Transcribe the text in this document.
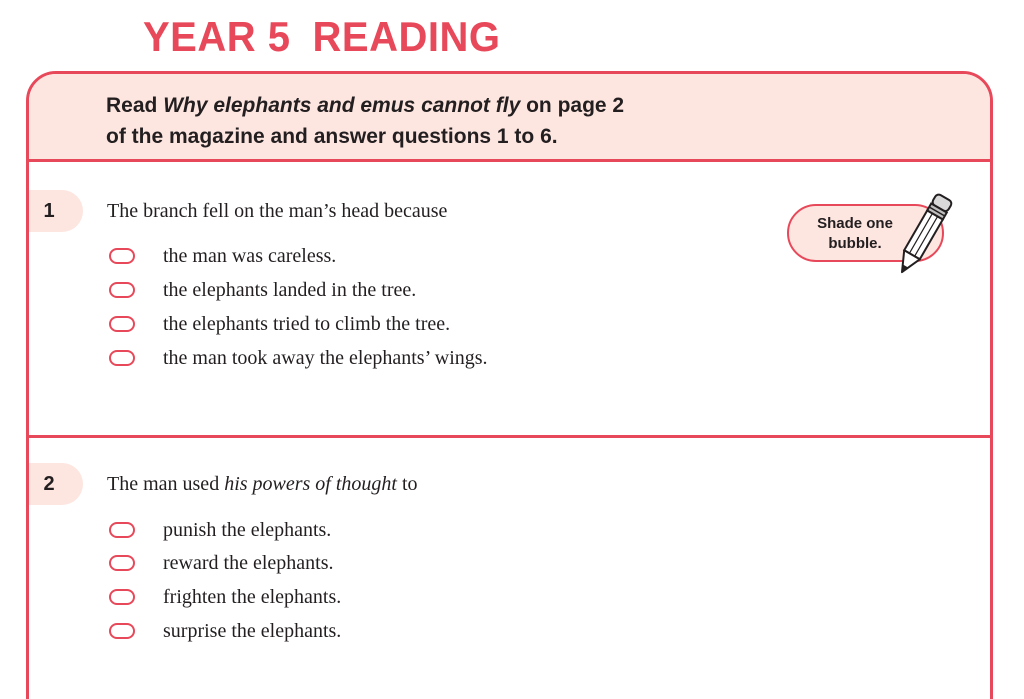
YEAR 5 READING
Read Why elephants and emus cannot fly on page 2
of the magazine and answer questions 1 to 6.
1	The branch fell on the man’s head because
the man was careless.
the elephants landed in the tree.
the elephants tried to climb the tree.
the man took away the elephants’ wings.
Shade one
bubble.
2	The man used his powers of thought to
punish the elephants.
reward the elephants.
frighten the elephants.
surprise the elephants.
